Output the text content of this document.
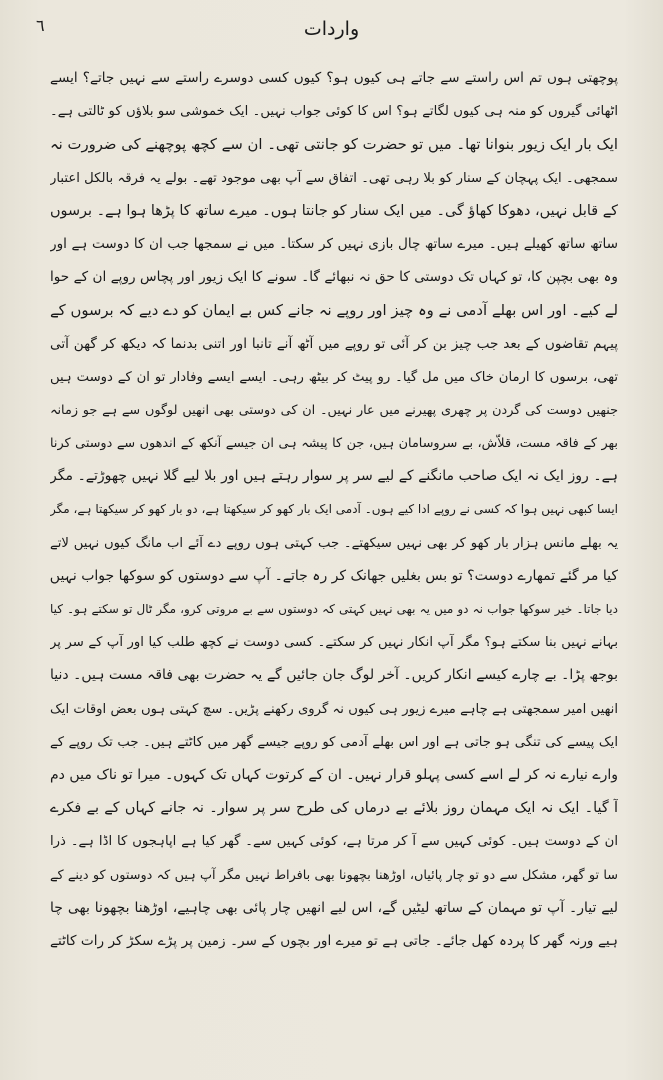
واردات
٦
پوچھتی ہوں تم اس راستے سے جاتے ہی کیوں ہو؟ کیوں کسی دوسرے راستے سے نہیں جاتے؟ ایسے
اٹھائی گیروں کو منہ ہی کیوں لگاتے ہو؟ اس کا کوئی جواب نہیں۔ ایک خموشی سو بلاؤں کو ٹالتی ہے۔
ایک بار ایک زیور بنوانا تھا۔ میں تو حضرت کو جانتی تھی۔ ان سے کچھ پوچھنے کی ضرورت نہ
سمجھی۔ ایک پہچان کے سنار کو بلا رہی تھی۔ اتفاق سے آپ بھی موجود تھے۔ بولے یہ فرقہ بالکل اعتبار
کے قابل نہیں، دھوکا کھاؤ گی۔ میں ایک سنار کو جانتا ہوں۔ میرے ساتھ کا پڑھا ہوا ہے۔ برسوں
ساتھ ساتھ کھیلے ہیں۔ میرے ساتھ چال بازی نہیں کر سکتا۔ میں نے سمجھا جب ان کا دوست ہے اور
وہ بھی بچپن کا، تو کہاں تک دوستی کا حق نہ نبھائے گا۔ سونے کا ایک زیور اور پچاس روپے ان کے حوا
لے کیے۔ اور اس بھلے آدمی نے وہ چیز اور روپے نہ جانے کس بے ایمان کو دے دیے کہ برسوں کے
پیہم تقاضوں کے بعد جب چیز بن کر آئی تو روپے میں آٹھ آنے تانبا اور اتنی بدنما کہ دیکھ کر گھن آتی
تھی، برسوں کا ارمان خاک میں مل گیا۔ رو پیٹ کر بیٹھ رہی۔ ایسے ایسے وفادار تو ان کے دوست ہیں
جنھیں دوست کی گردن پر چھری پھیرنے میں عار نہیں۔ ان کی دوستی بھی انھیں لوگوں سے ہے جو زمانہ
بھر کے فاقہ مست، قلاّش، بے سروسامان ہیں، جن کا پیشہ ہی ان جیسے آنکھ کے اندھوں سے دوستی کرنا
ہے۔ روز ایک نہ ایک صاحب مانگنے کے لیے سر پر سوار رہتے ہیں اور بلا لیے گلا نہیں چھوڑتے۔ مگر
ایسا کبھی نہیں ہوا کہ کسی نے روپے ادا کیے ہوں۔ آدمی ایک بار کھو کر سیکھتا ہے، دو بار کھو کر سیکھتا ہے، مگر
یہ بھلے مانس ہزار بار کھو کر بھی نہیں سیکھتے۔ جب کہتی ہوں روپے دے آئے اب مانگ کیوں نہیں لاتے
کیا مر گئے تمھارے دوست؟ تو بس بغلیں جھانک کر رہ جاتے۔ آپ سے دوستوں کو سوکھا جواب نہیں
دیا جاتا۔ خیر سوکھا جواب نہ دو میں یہ بھی نہیں کہتی کہ دوستوں سے بے مروتی کرو، مگر ٹال تو سکتے ہو۔ کیا
بہانے نہیں بنا سکتے ہو؟ مگر آپ انکار نہیں کر سکتے۔ کسی دوست نے کچھ طلب کیا اور آپ کے سر پر
بوجھ پڑا۔ بے چارے کیسے انکار کریں۔ آخر لوگ جان جائیں گے یہ حضرت بھی فاقہ مست ہیں۔ دنیا
انھیں امیر سمجھتی ہے چاہے میرے زیور ہی کیوں نہ گروی رکھنے پڑیں۔ سچ کہتی ہوں بعض اوقات ایک
ایک پیسے کی تنگی ہو جاتی ہے اور اس بھلے آدمی کو روپے جیسے گھر میں کاٹتے ہیں۔ جب تک روپے کے
وارے نیارے نہ کر لے اسے کسی پہلو قرار نہیں۔ ان کے کرتوت کہاں تک کہوں۔ میرا تو ناک میں دم
آ گیا۔ ایک نہ ایک مہمان روز بلائے بے درماں کی طرح سر پر سوار۔ نہ جانے کہاں کے بے فکرے
ان کے دوست ہیں۔ کوئی کہیں سے آ کر مرتا ہے، کوئی کہیں سے۔ گھر کیا ہے اپاہجوں کا اڈا ہے۔ ذرا
سا تو گھر، مشکل سے دو تو چار پائیاں، اوڑھنا بچھونا بھی بافراط نہیں مگر آپ ہیں کہ دوستوں کو دینے کے
لیے تیار۔ آپ تو مہمان کے ساتھ لیٹیں گے، اس لیے انھیں چار پائی بھی چاہیے، اوڑھنا بچھونا بھی چا
ہیے ورنہ گھر کا پردہ کھل جائے۔ جاتی ہے تو میرے اور بچوں کے سر۔ زمین پر پڑے سکڑ کر رات کاٹتے
